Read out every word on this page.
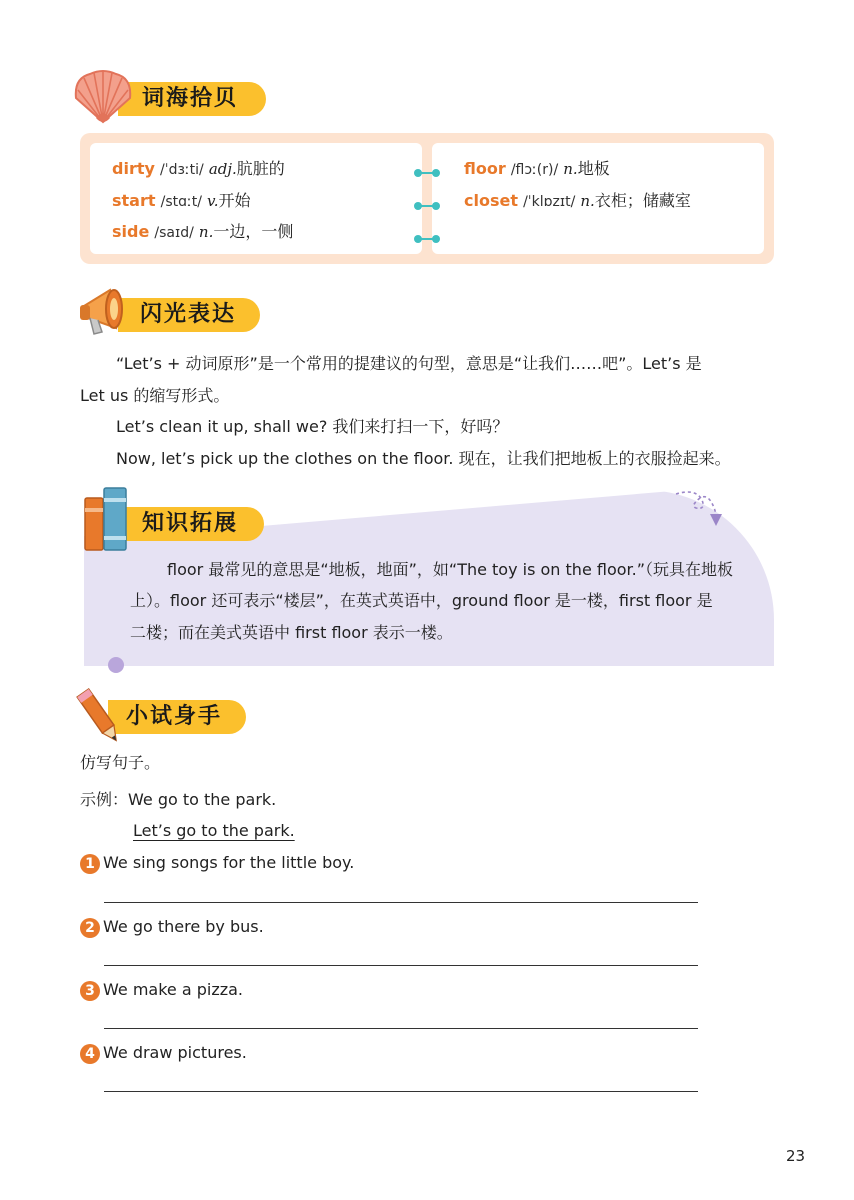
词海拾贝
dirty /ˈdɜːti/ adj.肮脏的
start /stɑːt/ v.开始
side /saɪd/ n.一边，一侧
floor /flɔː(r)/ n.地板
closet /ˈklɒzɪt/ n.衣柜；储藏室
闪光表达
“Let’s + 动词原形”是一个常用的提建议的句型，意思是“让我们……吧”。Let’s 是
Let us 的缩写形式。
Let’s clean it up, shall we? 我们来打扫一下，好吗？
Now, let’s pick up the clothes on the floor. 现在，让我们把地板上的衣服捡起来。
知识拓展
floor 最常见的意思是“地板，地面”，如“The toy is on the floor.”（玩具在地板
上）。floor 还可表示“楼层”，在英式英语中，ground floor 是一楼，first floor 是
二楼；而在美式英语中 first floor 表示一楼。
小试身手
仿写句子。
示例：We go to the park.
Let’s go to the park.
1 We sing songs for the little boy.
2 We go there by bus.
3 We make a pizza.
4 We draw pictures.
23
